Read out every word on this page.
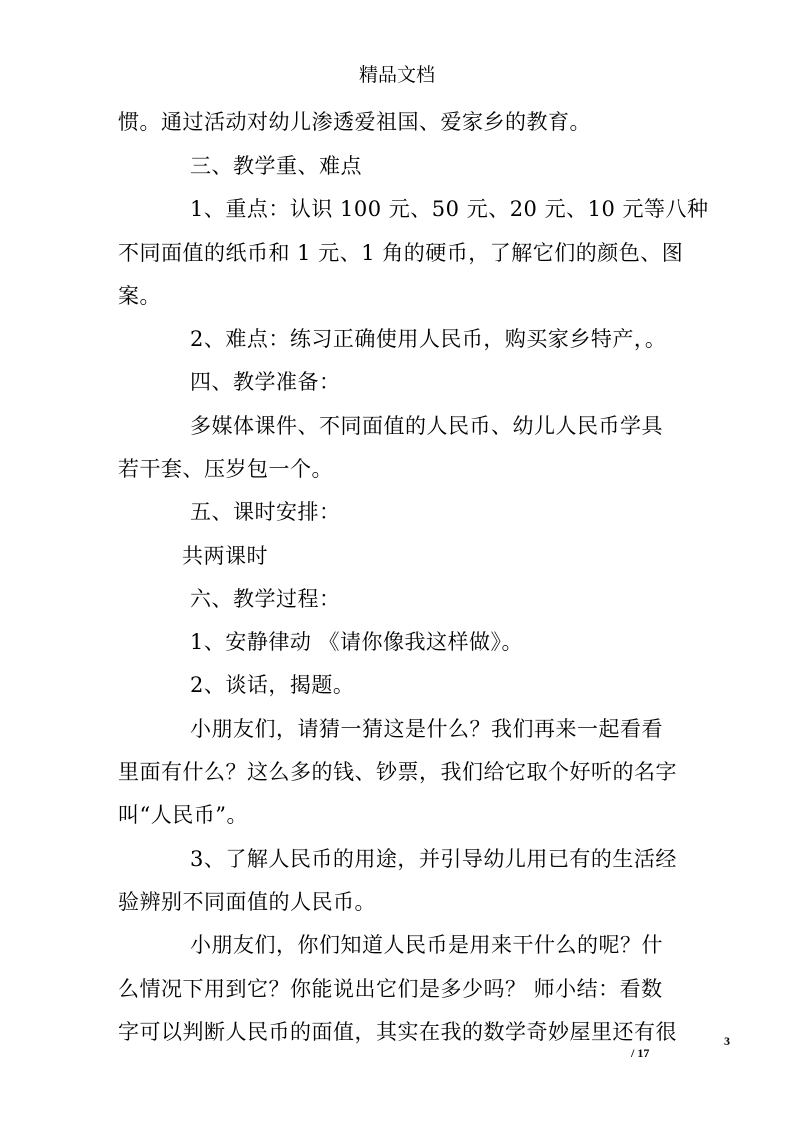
精品文档
惯。通过活动对幼儿渗透爱祖国、爱家乡的教育。
三、教学重、难点
1、重点：认识 100 元、50 元、20 元、10 元等八种
不同面值的纸币和 1 元、1 角的硬币，了解它们的颜色、图
案。
2、难点：练习正确使用人民币，购买家乡特产，。
四、教学准备：
多媒体课件、不同面值的人民币、幼儿人民币学具
若干套、压岁包一个。
五、课时安排：
共两课时
六、教学过程：
1、安静律动 《请你像我这样做》。
2、谈话，揭题。
小朋友们，请猜一猜这是什么？我们再来一起看看
里面有什么？这么多的钱、钞票，我们给它取个好听的名字
叫“人民币”。
3、了解人民币的用途，并引导幼儿用已有的生活经
验辨别不同面值的人民币。
小朋友们，你们知道人民币是用来干什么的呢？什
么情况下用到它？你能说出它们是多少吗？ 师小结：看数
字可以判断人民币的面值，其实在我的数学奇妙屋里还有很	3
/ 17
